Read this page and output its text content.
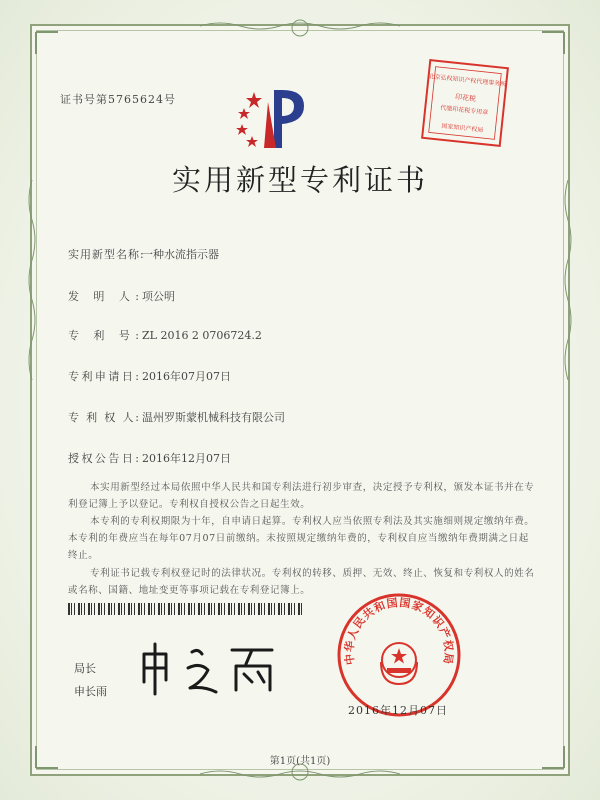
证书号第5765624号
北京弘权知识产权代理事务所
印花税
代缴印花税专用章
国家知识产权局
实用新型专利证书
实用新型名称:一种水流指示器
发 明 人: 项公明
专 利 号: ZL 2016 2 0706724.2
专利申请日: 2016年07月07日
专 利 权 人: 温州罗斯蒙机械科技有限公司
授权公告日: 2016年12月07日
本实用新型经过本局依照中华人民共和国专利法进行初步审查，决定授予专利权，颁发本证书并在专利登记簿上予以登记。专利权自授权公告之日起生效。
本专利的专利权期限为十年，自申请日起算。专利权人应当依照专利法及其实施细则规定缴纳年费。本专利的年费应当在每年07月07日前缴纳。未按照规定缴纳年费的，专利权自应当缴纳年费期满之日起终止。
专利证书记载专利权登记时的法律状况。专利权的转移、质押、无效、终止、恢复和专利权人的姓名或名称、国籍、地址变更等事项记载在专利登记簿上。
局长
申长雨
中华人民共和国国家知识产权局
2016年12月07日
第1页(共1页)
